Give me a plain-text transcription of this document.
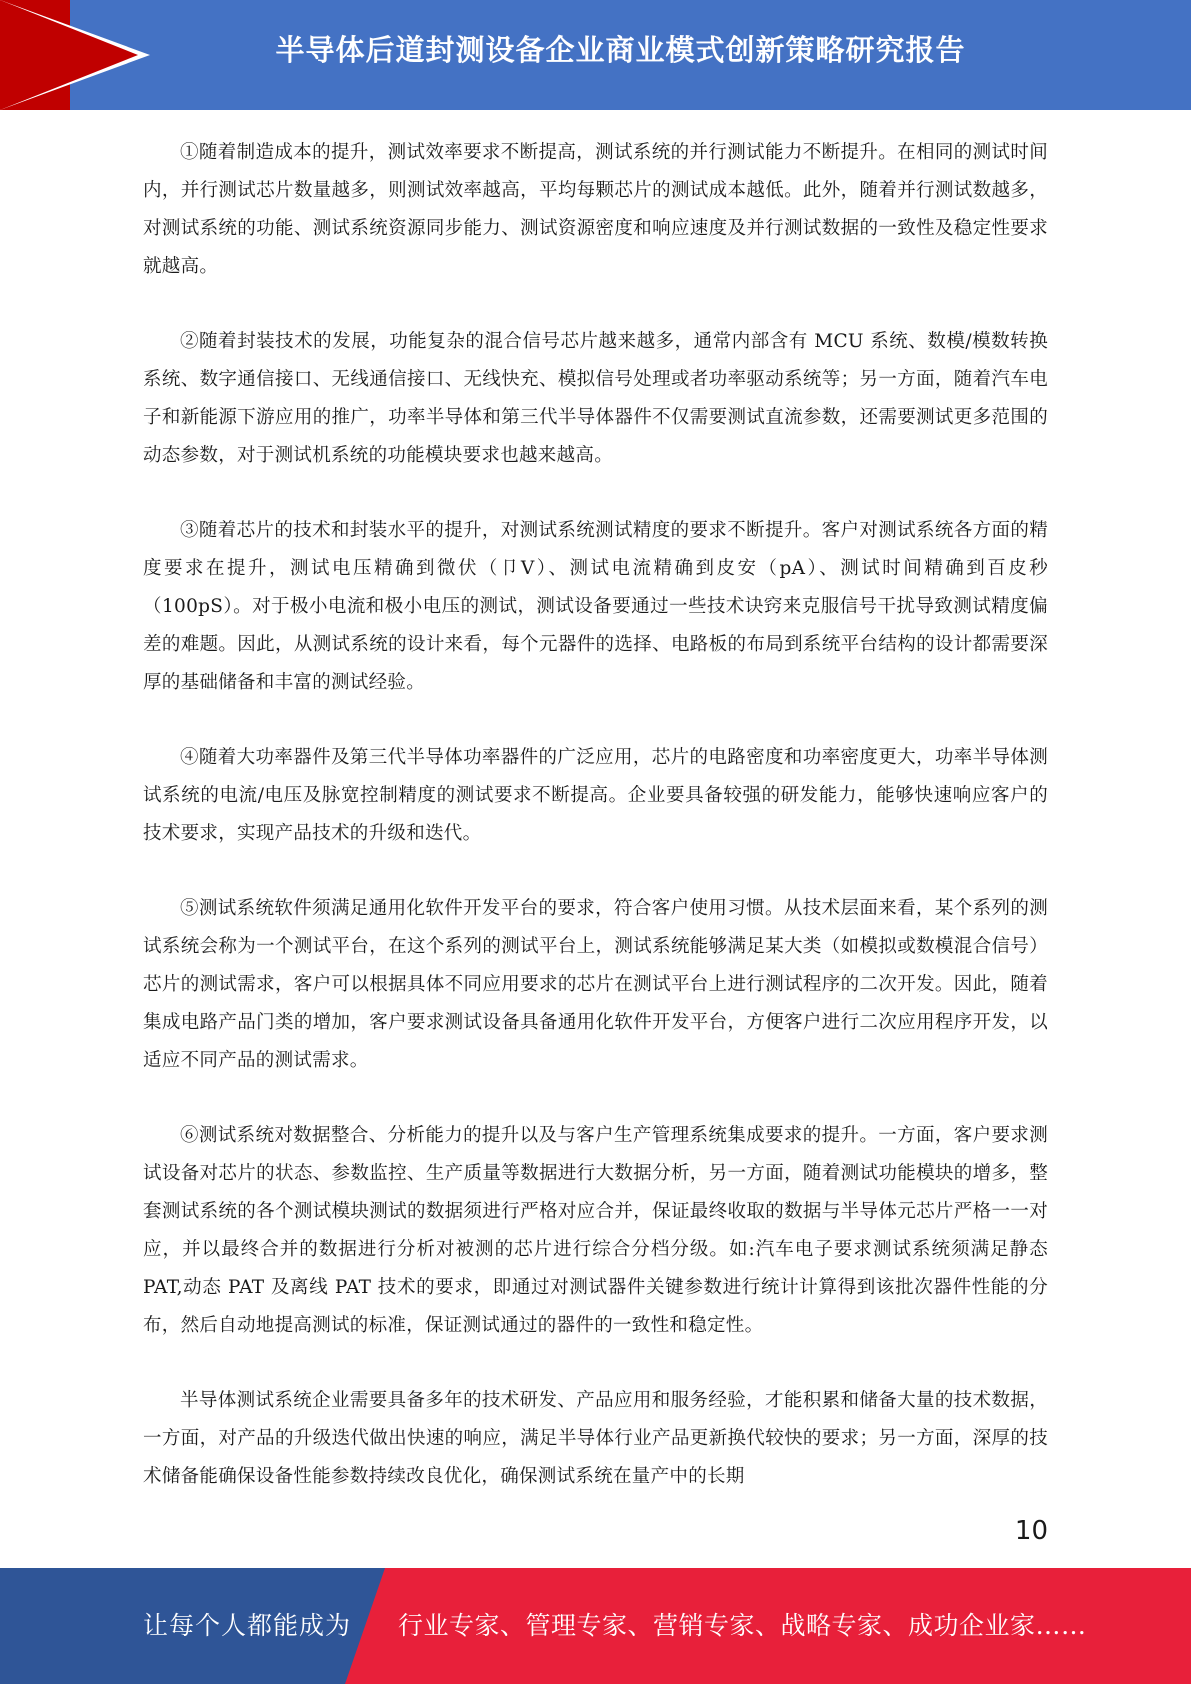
半导体后道封测设备企业商业模式创新策略研究报告

①随着制造成本的提升，测试效率要求不断提高，测试系统的并行测试能力不断提升。在相同的测试时间内，并行测试芯片数量越多，则测试效率越高，平均每颗芯片的测试成本越低。此外，随着并行测试数越多，对测试系统的功能、测试系统资源同步能力、测试资源密度和响应速度及并行测试数据的一致性及稳定性要求就越高。

②随着封装技术的发展，功能复杂的混合信号芯片越来越多，通常内部含有 MCU 系统、数模/模数转换系统、数字通信接口、无线通信接口、无线快充、模拟信号处理或者功率驱动系统等；另一方面，随着汽车电子和新能源下游应用的推广，功率半导体和第三代半导体器件不仅需要测试直流参数，还需要测试更多范围的动态参数，对于测试机系统的功能模块要求也越来越高。

③随着芯片的技术和封装水平的提升，对测试系统测试精度的要求不断提升。客户对测试系统各方面的精度要求在提升，测试电压精确到微伏（卩V）、测试电流精确到皮安（pA）、测试时间精确到百皮秒（100pS）。对于极小电流和极小电压的测试，测试设备要通过一些技术诀窍来克服信号干扰导致测试精度偏差的难题。因此，从测试系统的设计来看，每个元器件的选择、电路板的布局到系统平台结构的设计都需要深厚的基础储备和丰富的测试经验。

④随着大功率器件及第三代半导体功率器件的广泛应用，芯片的电路密度和功率密度更大，功率半导体测试系统的电流/电压及脉宽控制精度的测试要求不断提高。企业要具备较强的研发能力，能够快速响应客户的技术要求，实现产品技术的升级和迭代。

⑤测试系统软件须满足通用化软件开发平台的要求，符合客户使用习惯。从技术层面来看，某个系列的测试系统会称为一个测试平台，在这个系列的测试平台上，测试系统能够满足某大类（如模拟或数模混合信号）芯片的测试需求，客户可以根据具体不同应用要求的芯片在测试平台上进行测试程序的二次开发。因此，随着集成电路产品门类的增加，客户要求测试设备具备通用化软件开发平台，方便客户进行二次应用程序开发，以适应不同产品的测试需求。

⑥测试系统对数据整合、分析能力的提升以及与客户生产管理系统集成要求的提升。一方面，客户要求测试设备对芯片的状态、参数监控、生产质量等数据进行大数据分析，另一方面，随着测试功能模块的增多，整套测试系统的各个测试模块测试的数据须进行严格对应合并，保证最终收取的数据与半导体元芯片严格一一对应，并以最终合并的数据进行分析对被测的芯片进行综合分档分级。如:汽车电子要求测试系统须满足静态 PAT,动态 PAT 及离线 PAT 技术的要求，即通过对测试器件关键参数进行统计计算得到该批次器件性能的分布，然后自动地提高测试的标准，保证测试通过的器件的一致性和稳定性。

半导体测试系统企业需要具备多年的技术研发、产品应用和服务经验，才能积累和储备大量的技术数据，一方面，对产品的升级迭代做出快速的响应，满足半导体行业产品更新换代较快的要求；另一方面，深厚的技术储备能确保设备性能参数持续改良优化，确保测试系统在量产中的长期

10
让每个人都能成为 行业专家、管理专家、营销专家、战略专家、成功企业家……
